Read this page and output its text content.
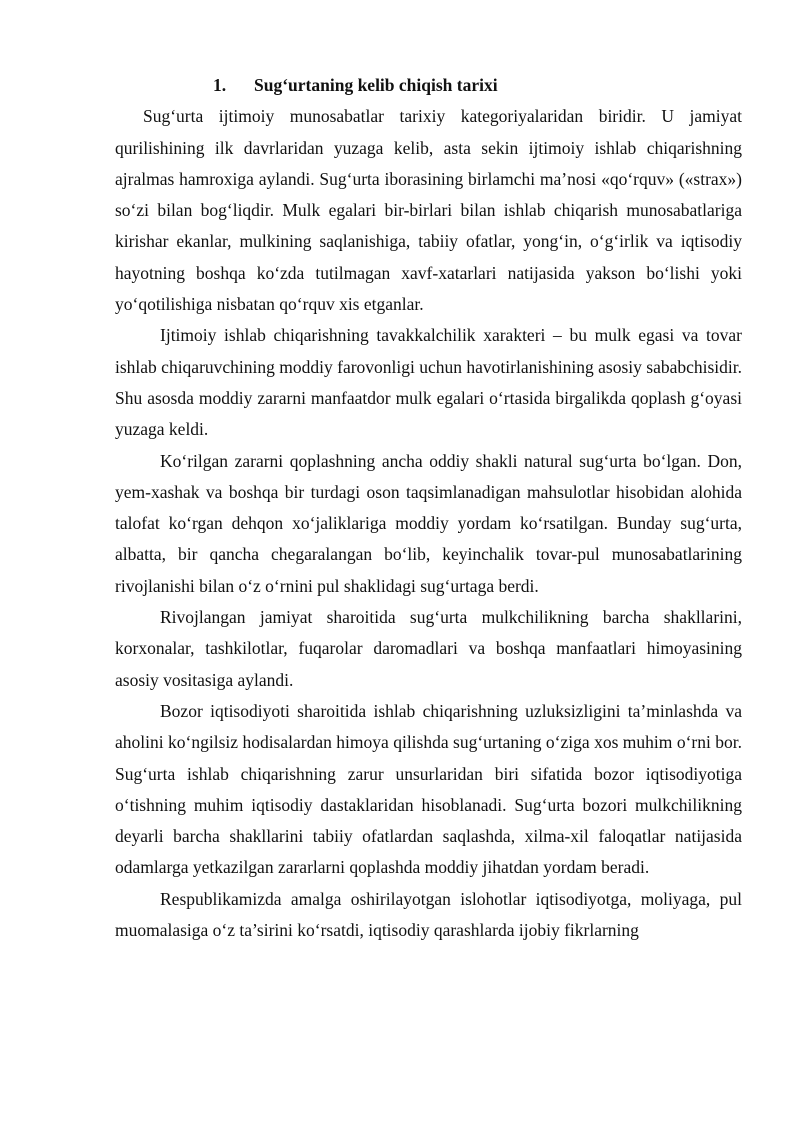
1. Sug‘urtaning kelib chiqish tarixi

Sug‘urta ijtimoiy munosabatlar tarixiy kategoriyalaridan biridir. U jamiyat qurilishining ilk davrlaridan yuzaga kelib, asta sekin ijtimoiy ishlab chiqarishning ajralmas hamroxiga aylandi. Sug‘urta iborasining birlamchi ma’nosi «qo‘rquv» («strax») so‘zi bilan bog‘liqdir. Mulk egalari bir-birlari bilan ishlab chiqarish munosabatlariga kirishar ekanlar, mulkining saqlanishiga, tabiiy ofatlar, yong‘in, o‘g‘irlik va iqtisodiy hayotning boshqa ko‘zda tutilmagan xavf-xatarlari natijasida yakson bo‘lishi yoki yo‘qotilishiga nisbatan qo‘rquv xis etganlar.

Ijtimoiy ishlab chiqarishning tavakkalchilik xarakteri – bu mulk egasi va tovar ishlab chiqaruvchining moddiy farovonligi uchun havotirlanishining asosiy sababchisidir. Shu asosda moddiy zararni manfaatdor mulk egalari o‘rtasida birgalikda qoplash g‘oyasi yuzaga keldi.

Ko‘rilgan zararni qoplashning ancha oddiy shakli natural sug‘urta bo‘lgan. Don, yem-xashak va boshqa bir turdagi oson taqsimlanadigan mahsulotlar hisobidan alohida talofat ko‘rgan dehqon xo‘jaliklariga moddiy yordam ko‘rsatilgan. Bunday sug‘urta, albatta, bir qancha chegaralangan bo‘lib, keyinchalik tovar-pul munosabatlarining rivojlanishi bilan o‘z o‘rnini pul shaklidagi sug‘urtaga berdi.

Rivojlangan jamiyat sharoitida sug‘urta mulkchilikning barcha shakllarini, korxonalar, tashkilotlar, fuqarolar daromadlari va boshqa manfaatlari himoyasining asosiy vositasiga aylandi.

Bozor iqtisodiyoti sharoitida ishlab chiqarishning uzluksizligini ta’minlashda va aholini ko‘ngilsiz hodisalardan himoya qilishda sug‘urtaning o‘ziga xos muhim o‘rni bor. Sug‘urta ishlab chiqarishning zarur unsurlaridan biri sifatida bozor iqtisodiyotiga o‘tishning muhim iqtisodiy dastaklaridan hisoblanadi. Sug‘urta bozori mulkchilikning deyarli barcha shakllarini tabiiy ofatlardan saqlashda, xilma-xil faloqatlar natijasida odamlarga yetkazilgan zararlarni qoplashda moddiy jihatdan yordam beradi.

Respublikamizda amalga oshirilayotgan islohotlar iqtisodiyotga, moliyaga, pul muomalasiga o‘z ta’sirini ko‘rsatdi, iqtisodiy qarashlarda ijobiy fikrlarning
